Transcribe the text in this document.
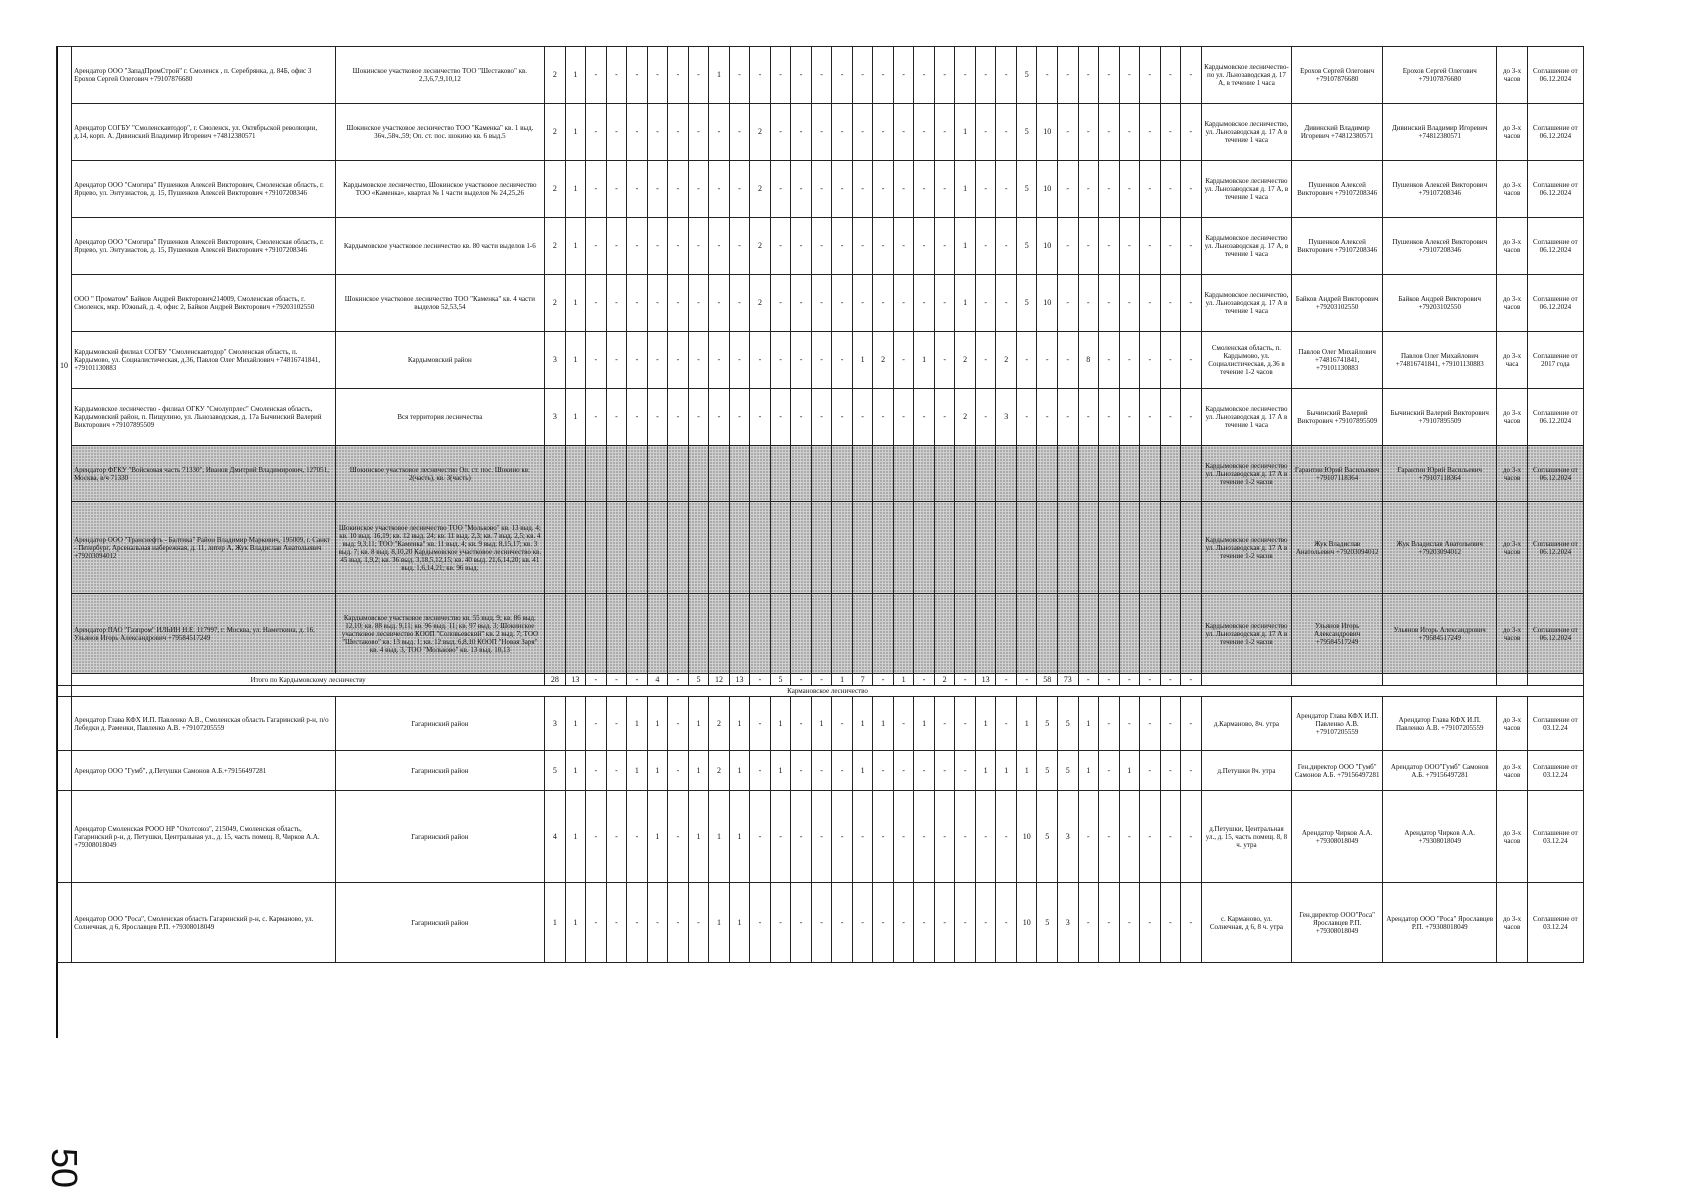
10	Арендатор ООО "ЗападПромСтрой" г. Смоленск , п. Серебрянка, д. 84Б, офис 3 Ерохов Сергей Олегович +79107876680	Шокинское участковое лесничество ТОО "Шестаково" кв. 2,3,6,7,9,10,12	2	1	-	-	-	-	-	-	1	-	-	-	-	-	-	-	-	-	-	-	-	-	-	5	-	-	-	-	-	-	-	-	Кардымовское лесничество-по ул. Льнозаводская д. 17 А, в течение 1 часа	Ерохов Сергей Олегович +79107876680	Ерохов Сергей Олегович +79107876680	до 3-х часов	Соглашение от 06.12.2024
	Арендатор СОГБУ "Смоленскавтодор", г. Смоленск, ул. Октябрьской революции, д.14, корп. А. Дивинский Владимир Игоревич +74812380571	Шокинское участковое лесничество ТОО "Каменка" кв. 1 выд. 36ч.,58ч.,59; Оп. ст. пос. шокино кв. 6 выд.5	2	1	-	-	-	-	-	-	-	-	2	-	-	-	-	-	-	-	-	-	1	-	-	5	10	-	-	-	-	-	-	-	Кардымовское лесничество, ул. Льнозаводская д. 17 А в течение 1 часа	Дивинский Владимир Игоревич +74812380571	Дивинский Владимир Игоревич +74812380571	до 3-х часов	Соглашение от 06.12.2024
	Арендатор ООО "Смогира" Пушенков Алексей Викторович, Смоленская область, г. Ярцево, ул. Энтузиастов, д. 15, Пушенков Алексей Викторович +79107208346	Кардымовское лесничество, Шокинское участковое лесничество ТОО «Каменка», квартал № 1 части выделов № 24,25,26	2	1	-	-	-	-	-	-	-	-	2	-	-	-	-	-	-	-	-	-	1	-	-	5	10	-	-	-	-	-	-	-	Кардымовское лесничество ул. Льнозаводская д. 17 А, в течение 1 часа	Пушенков Алексей Викторович +79107208346	Пушенков Алексей Викторович +79107208346	до 3-х часов	Соглашение от 06.12.2024
	Арендатор ООО "Смогира" Пушенков Алексей Викторович, Смоленская область, г. Ярцево, ул. Энтузиастов, д. 15, Пушенков Алексей Викторович +79107208346	Кардымовское участковое лесничество кв. 80 части выделов 1-6	2	1	-	-	-	-	-	-	-	-	2	-	-	-	-	-	-	-	-	-	1	-	-	5	10	-	-	-	-	-	-	-	Кардымовское лесничество ул. Льнозаводская д. 17 А, в течение 1 часа	Пушенков Алексей Викторович +79107208346	Пушенков Алексей Викторович +79107208346	до 3-х часов	Соглашение от 06.12.2024
	ООО " Проматом" Байков Андрей Викторович214009, Смоленская область, г. Смоленск, мкр. Южный, д. 4, офис 2, Байков Андрей Викторович +79203102550	Шокинское участковое лесничество ТОО "Каменка" кв. 4 части выделов 52,53,54	2	1	-	-	-	-	-	-	-	-	2	-	-	-	-	-	-	-	-	-	1	-	-	5	10	-	-	-	-	-	-	-	Кардымовское лесничество, ул. Льнозаводская д. 17 А в течение 1 часа	Байков Андрей Викторович +79203102550	Байков Андрей Викторович +79203102550	до 3-х часов	Соглашение от 06.12.2024
	Кардымовский филиал СОГБУ "Смоленскавтодор" Смоленская область, п. Кардымово, ул. Социалистическая, д.36, Павлов Олег Михайлович +74816741841, +79101130883	Кардымовский район	3	1	-	-	-	-	-	-	-	-	-	-	-	-	-	1	2	-	1	-	2	-	2	-	-	-	8	-	-	-	-	-	Смоленская область, п. Кардымово, ул. Социалистическая, д.36 в течение 1-2 часов	Павлов Олег Михайлович +74816741841, +79101130883	Павлов Олег Михайлович +74816741841, +79101130883	до 3-х часа	Соглашение от 2017 года
	Кардымовское лесничество - филиал ОГКУ "Смолупрлес" Смоленская область, Кардымовский район, п. Пищулино, ул. Льнозаводская, д. 17а Бычинский Валерий Викторович +79107895509	Вся территория лесничества	3	1	-	-	-	-	-	-	-	-	-	-	-	-	-	-	-	-	-	-	2	-	3	-	-	-	-	-	-	-	-	-	Кардымовское лесничество ул. Льнозаводская д. 17 А в течение 1 часа	Бычинский Валерий Викторович +79107895509	Бычинский Валерий Викторович +79107895509	до 3-х часов	Соглашение от 06.12.2024
	Арендатор ФГКУ "Войсковая часть 71330", Иванов Дмитрий Владимирович, 127051, Москва, в/ч 71330	Шокинское участковое лесничество Оп. ст. пос. Шокино кв. 2(часть), кв. 3(часть)																																	Кардымовское лесничество ул. Льнозаводская д. 17 А в течение 1-2 часов	Гарантин Юрий Васильевич +79107118364	Гарантин Юрий Васильевич +79107118364	до 3-х часов	Соглашение от 06.12.2024
	Арендатор ООО "Транснефть - Балтика" Район Владимир Маркович, 195009, г. Санкт - Петербург, Арсенальная набережная, д. 11, литер А, Жук Владислав Анатольевич +79203094012	Шокинское участковое лесничество ТОО "Мольково" кв. 13 выд. 4; кв. 10 выд. 16,19; кв. 12 выд. 24; кв. 11 выд. 2,3; кв. 7 выд. 2,5; кв. 4 выд. 9,3,11; ТОО "Каменка" кв. 11 выд. 4; кв. 9 выд. 8,15,17; кв. 3 выд. 7; кв. 8 выд. 8,10,20 Кардымовское участковое лесничество кв. 45 выд. 1,9,2; кв. 36 выд. 3,18,5,12,15; кв. 40 выд. 21,6,14,20; кв. 41 выд. 1,6,14,21; кв. 96 выд.																																	Кардымовское лесничество ул. Льнозаводская д. 17 А в течение 1-2 часов	Жук Владислав Анатольевич +79203094012	Жук Владислав Анатольевич +79203094012	до 3-х часов	Соглашение от 06.12.2024
	Арендатор ПАО "Газпром" ИЛЬИН Н.Е. 117997, г. Москва, ул. Наметкина, д. 16, Ульянов Игорь Александрович +79584517249	Кардымовское участковое лесничество кв. 55 выд. 9; кв. 86 выд. 12,10; кв. 88 выд. 9,11; кв. 96 выд. 11; кв. 97 выд. 3; Шокинское участковое лесничество КООП "Соловьевский" кв. 2 выд. 7; ТОО "Шестаково" кв. 13 выд. 1; кв. 12 выд. 6,8,10 КООП "Новая Заря" кв. 4 выд. 3, ТОО "Мольково" кв. 13 выд. 10,13																																	Кардымовское лесничество ул. Льнозаводская д. 17 А в течение 1-2 часов	Ульянов Игорь Александрович +79584517249	Ульянов Игорь Александрович +79584517249	до 3-х часов	Соглашение от 06.12.2024
	Итого по Кардымовскому лесничеству		28	13	-	-	-	4	-	5	12	13	-	5	-	-	1	7	-	1	-	2	-	13	-	-	58	73	-	-	-	-	-	-					
	Кармановское лесничество																																						
	Арендатор Глава КФХ И.П. Павленко А.В., Смоленская область Гагаринский р-н, п/о Лебедки д. Раменки, Павленко А.В. +79107205559	Гагаринский район	3	1	-	-	1	1	-	1	2	1	-	1	-	1	-	1	1	-	1	-	-	1	-	1	5	5	1	-	-	-	-	-	д.Карманово, 8ч. утра	Арендатор Глава КФХ И.П. Павленко А.В. +79107205559	Арендатор Глава КФХ И.П. Павленко А.В. +79107205559	до 3-х часов	Соглашение от 03.12.24
	Арендатор ООО "Гумб", д.Петушки Самонов А.Б.+79156497281	Гагаринский район	5	1	-	-	1	1	-	1	2	1	-	1	-	-	-	1	-	-	-	-	-	1	1	1	5	5	1	-	1	-	-	-	д.Петушки 8ч. утра	Ген.директор ООО "Гумб" Самонов А.Б. +79156497281	Арендатор ООО"Гумб" Самонов А.Б. +79156497281	до 3-х часов	Соглашение от 03.12.24
	Арендатор Смоленская РООО НР "Охотсоюз", 215049, Смоленская область, Гагаринский р-н, д. Петушки, Центральная ул., д. 15, часть помещ. 8, Чирков А.А. +79308018049	Гагаринский район	4	1	-	-	-	1	-	1	1	1	-	-	-	-	-	-	-	-	-	-	-	-	-	10	5	3	-	-	-	-	-	-	д.Петушки, Центральная ул., д. 15, часть помещ. 8, 8 ч. утра	Арендатор Чирков А.А. +79308018049	Арендатор Чирков А.А. +79308018049	до 3-х часов	Соглашение от 03.12.24
	Арендатор ООО "Роса", Смоленская область Гагаринский р-н, с. Карманово, ул. Солнечная, д 6, Ярославцев Р.П. +79308018049	Гагаринский район	1	1	-	-	-	-	-	-	1	1	-	-	-	-	-	-	-	-	-	-	-	-	-	10	5	3	-	-	-	-	-	-	с. Карманово, ул. Солнечная, д 6, 8 ч. утра	Ген.директор ООО"Роса" Ярославцев Р.П. +79308018049	Арендатор ООО "Роса" Ярославцев Р.П. +79308018049	до 3-х часов	Соглашение от 03.12.24
50
